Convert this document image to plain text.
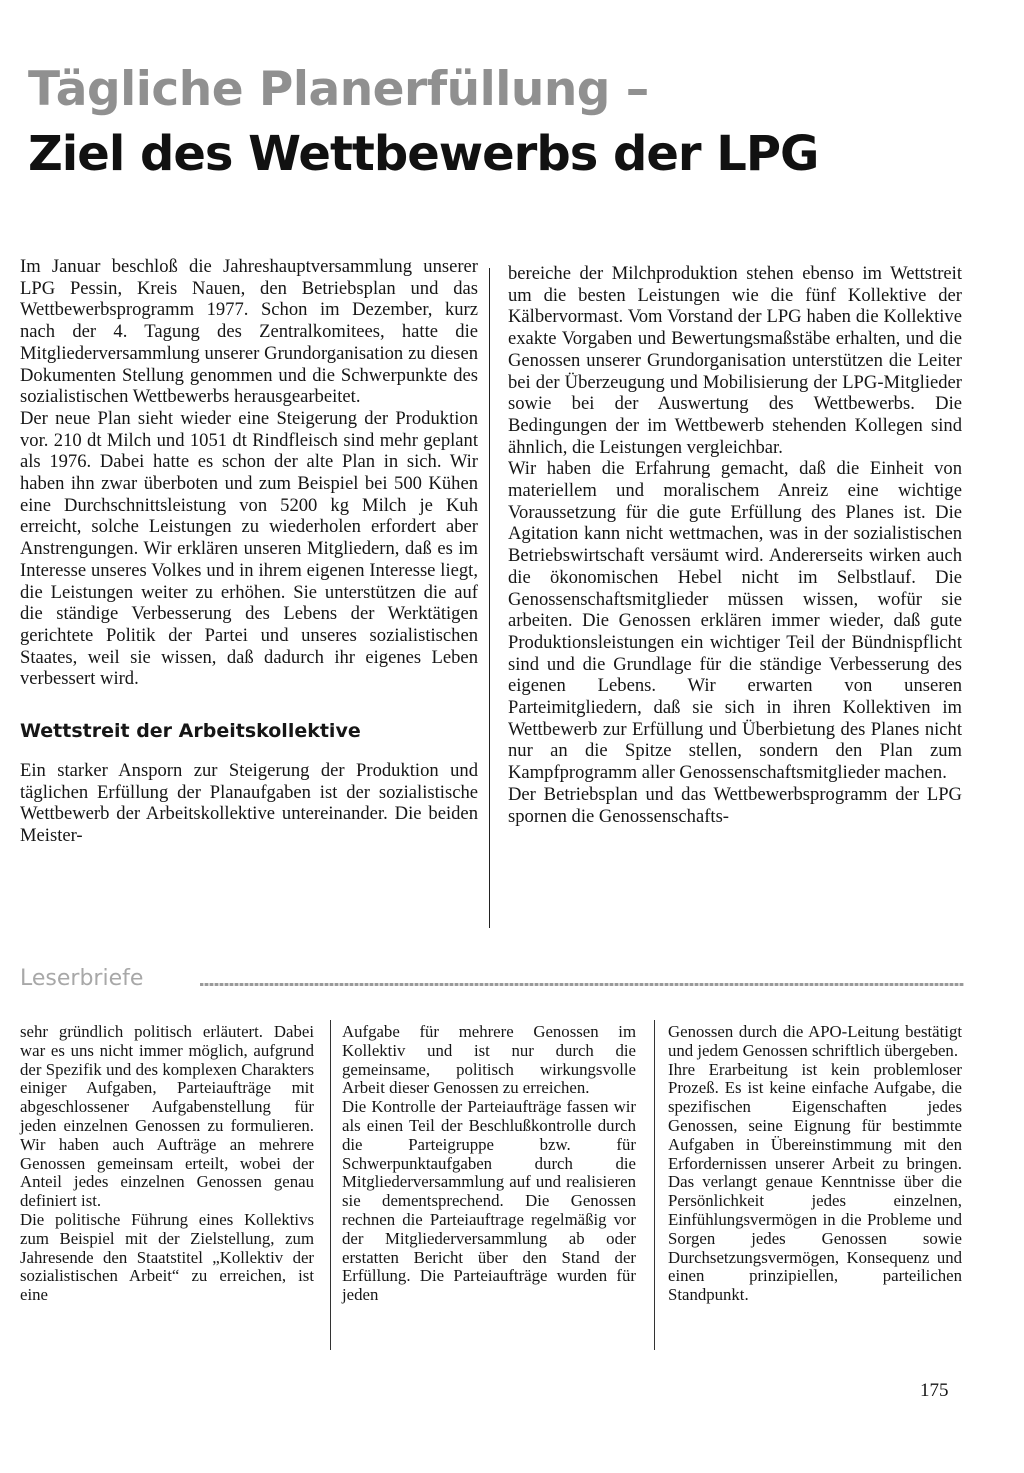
Tägliche Planerfüllung –
Ziel des Wettbewerbs der LPG

Im Januar beschloß die Jahreshauptversammlung unserer LPG Pessin, Kreis Nauen, den Betriebsplan und das Wettbewerbsprogramm 1977. Schon im Dezember, kurz nach der 4. Tagung des Zentralkomitees, hatte die Mitgliederversammlung unserer Grundorganisation zu diesen Dokumenten Stellung genommen und die Schwerpunkte des sozialistischen Wettbewerbs herausgearbeitet.

Der neue Plan sieht wieder eine Steigerung der Produktion vor. 210 dt Milch und 1051 dt Rindfleisch sind mehr geplant als 1976. Dabei hatte es schon der alte Plan in sich. Wir haben ihn zwar überboten und zum Beispiel bei 500 Kühen eine Durchschnittsleistung von 5200 kg Milch je Kuh erreicht, solche Leistungen zu wiederholen erfordert aber Anstrengungen. Wir erklären unseren Mitgliedern, daß es im Interesse unseres Volkes und in ihrem eigenen Interesse liegt, die Leistungen weiter zu erhöhen. Sie unterstützen die auf die ständige Verbesserung des Lebens der Werktätigen gerichtete Politik der Partei und unseres sozialistischen Staates, weil sie wissen, daß dadurch ihr eigenes Leben verbessert wird.

Wettstreit der Arbeitskollektive

Ein starker Ansporn zur Steigerung der Produktion und täglichen Erfüllung der Planaufgaben ist der sozialistische Wettbewerb der Arbeitskollektive untereinander. Die beiden Meister-

bereiche der Milchproduktion stehen ebenso im Wettstreit um die besten Leistungen wie die fünf Kollektive der Kälbervormast. Vom Vorstand der LPG haben die Kollektive exakte Vorgaben und Bewertungsmaßstäbe erhalten, und die Genossen unserer Grundorganisation unterstützen die Leiter bei der Überzeugung und Mobilisierung der LPG-Mitglieder sowie bei der Auswertung des Wettbewerbs. Die Bedingungen der im Wettbewerb stehenden Kollegen sind ähnlich, die Leistungen vergleichbar.

Wir haben die Erfahrung gemacht, daß die Einheit von materiellem und moralischem Anreiz eine wichtige Voraussetzung für die gute Erfüllung des Planes ist. Die Agitation kann nicht wettmachen, was in der sozialistischen Betriebswirtschaft versäumt wird. Andererseits wirken auch die ökonomischen Hebel nicht im Selbstlauf. Die Genossenschaftsmitglieder müssen wissen, wofür sie arbeiten. Die Genossen erklären immer wieder, daß gute Produktionsleistungen ein wichtiger Teil der Bündnispflicht sind und die Grundlage für die ständige Verbesserung des eigenen Lebens. Wir erwarten von unseren Parteimitgliedern, daß sie sich in ihren Kollektiven im Wettbewerb zur Erfüllung und Überbietung des Planes nicht nur an die Spitze stellen, sondern den Plan zum Kampfprogramm aller Genossenschaftsmitglieder machen.

Der Betriebsplan und das Wettbewerbsprogramm der LPG spornen die Genossenschafts-

Leserbriefe

sehr gründlich politisch erläutert. Dabei war es uns nicht immer möglich, aufgrund der Spezifik und des komplexen Charakters einiger Aufgaben, Parteiaufträge mit abgeschlossener Aufgabenstellung für jeden einzelnen Genossen zu formulieren. Wir haben auch Aufträge an mehrere Genossen gemeinsam erteilt, wobei der Anteil jedes einzelnen Genossen genau definiert ist.

Die politische Führung eines Kollektivs zum Beispiel mit der Zielstellung, zum Jahresende den Staatstitel „Kollektiv der sozialistischen Arbeit“ zu erreichen, ist eine

Aufgabe für mehrere Genossen im Kollektiv und ist nur durch die gemeinsame, politisch wirkungsvolle Arbeit dieser Genossen zu erreichen.

Die Kontrolle der Parteiaufträge fassen wir als einen Teil der Beschlußkontrolle durch die Parteigruppe bzw. für Schwerpunktaufgaben durch die Mitgliederversammlung auf und realisieren sie dementsprechend. Die Genossen rechnen die Parteiauftrage regelmäßig vor der Mitgliederversammlung ab oder erstatten Bericht über den Stand der Erfüllung. Die Parteiaufträge wurden für jeden

Genossen durch die APO-Leitung bestätigt und jedem Genossen schriftlich übergeben.

Ihre Erarbeitung ist kein problemloser Prozeß. Es ist keine einfache Aufgabe, die spezifischen Eigenschaften jedes Genossen, seine Eignung für bestimmte Aufgaben in Übereinstimmung mit den Erfordernissen unserer Arbeit zu bringen. Das verlangt genaue Kenntnisse über die Persönlichkeit jedes einzelnen, Einfühlungsvermögen in die Probleme und Sorgen jedes Genossen sowie Durchsetzungsvermögen, Konsequenz und einen prinzipiellen, parteilichen Standpunkt.

175
